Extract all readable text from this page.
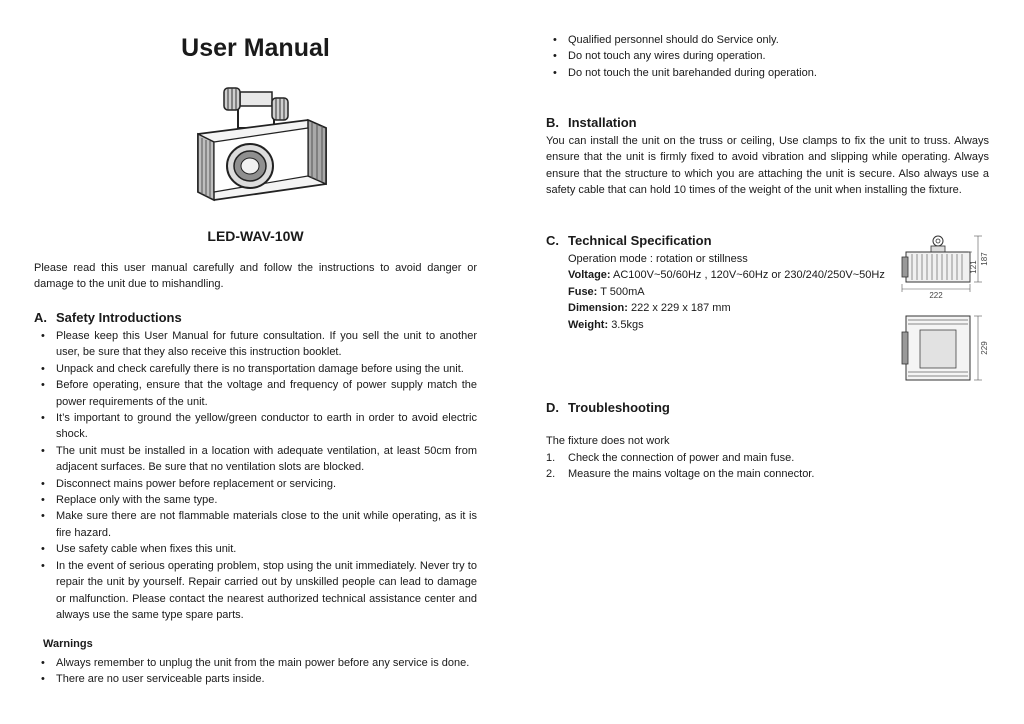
User Manual
LED-WAV-10W

Please read this user manual carefully and follow the instructions to avoid danger or damage to the unit due to mishandling.

A. Safety Introductions
• Please keep this User Manual for future consultation. If you sell the unit to another user, be sure that they also receive this instruction booklet.
• Unpack and check carefully there is no transportation damage before using the unit.
• Before operating, ensure that the voltage and frequency of power supply match the power requirements of the unit.
• It’s important to ground the yellow/green conductor to earth in order to avoid electric shock.
• The unit must be installed in a location with adequate ventilation, at least 50cm from adjacent surfaces. Be sure that no ventilation slots are blocked.
• Disconnect mains power before replacement or servicing.
• Replace only with the same type.
• Make sure there are not flammable materials close to the unit while operating, as it is fire hazard.
• Use safety cable when fixes this unit.
• In the event of serious operating problem, stop using the unit immediately. Never try to repair the unit by yourself. Repair carried out by unskilled people can lead to damage or malfunction. Please contact the nearest authorized technical assistance center and always use the same type spare parts.
Warnings
• Always remember to unplug the unit from the main power before any service is done.
• There are no user serviceable parts inside.
• Qualified personnel should do Service only.
• Do not touch any wires during operation.
• Do not touch the unit barehanded during operation.
B. Installation

You can install the unit on the truss or ceiling, Use clamps to fix the unit to truss. Always ensure that the unit is firmly fixed to avoid vibration and slipping while operating. Always ensure that the structure to which you are attaching the unit is secure. Also always use a safety cable that can hold 10 times of the weight of the unit when installing the fixture.

C. Technical Specification
Operation mode : rotation or stillness
Voltage: AC100V~50/60Hz , 120V~60Hz or 230/240/250V~50Hz
Fuse: T 500mA
Dimension: 222 x 229 x 187 mm
Weight: 3.5kgs
187
121
222
229
D. Troubleshooting
The fixture does not work
1. Check the connection of power and main fuse.
2. Measure the mains voltage on the main connector.
